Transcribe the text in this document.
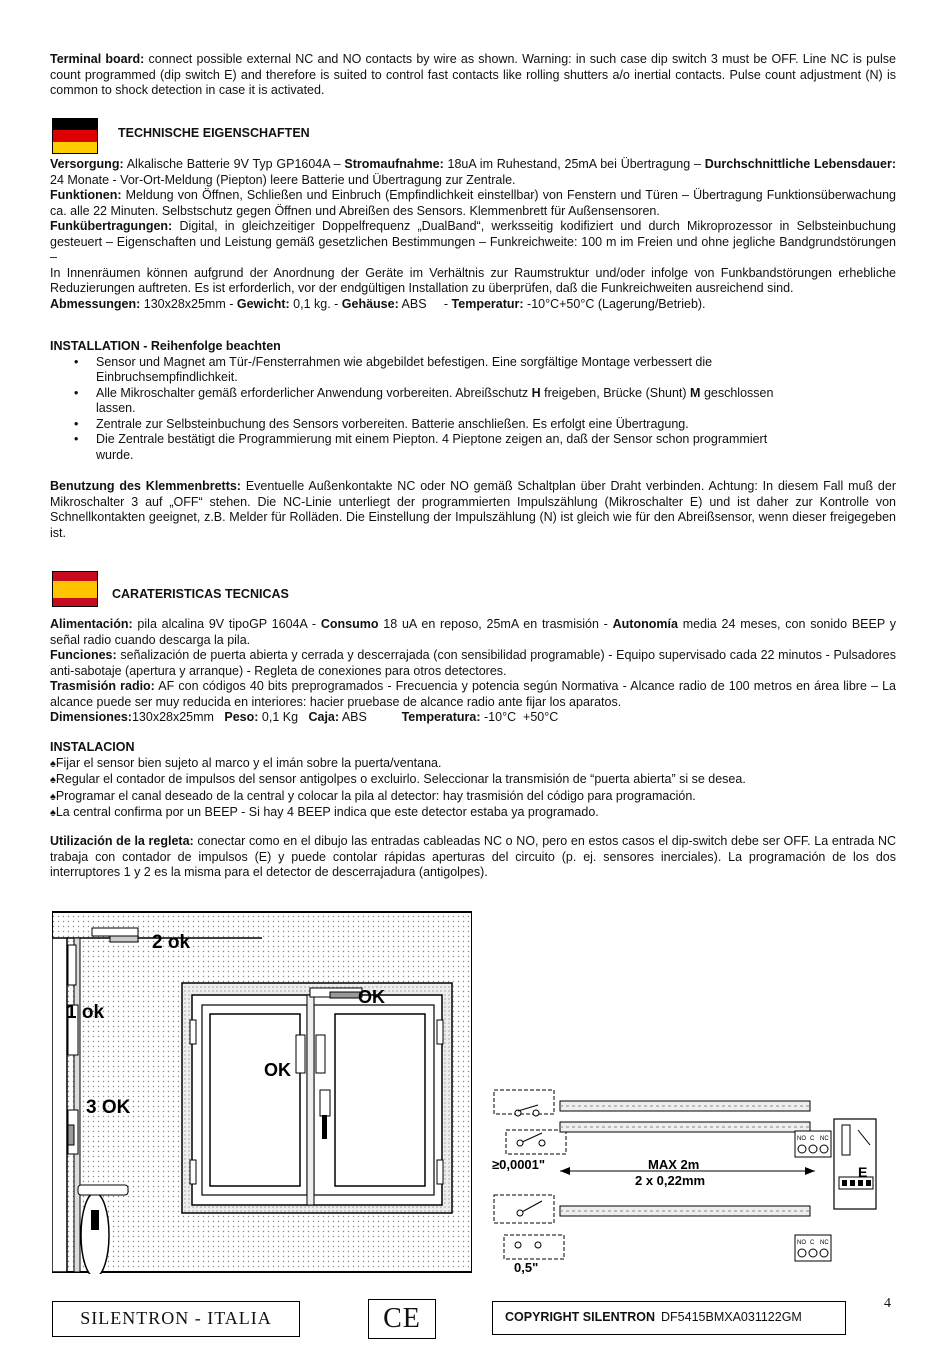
Terminal board: connect possible external NC and NO contacts by wire as shown. Warning: in such case dip switch 3 must be OFF. Line NC is pulse count programmed (dip switch E) and therefore is suited to control fast contacts like rolling shutters a/o inertial contacts. Pulse count adjustment (N) is common to shock detection in case it is activated.

TECHNISCHE EIGENSCHAFTEN

Versorgung: Alkalische Batterie 9V Typ GP1604A – Stromaufnahme: 18uA im Ruhestand, 25mA bei Übertragung – Durchschnittliche Lebensdauer: 24 Monate - Vor-Ort-Meldung (Piepton) leere Batterie und Übertragung zur Zentrale.

Funktionen: Meldung von Öffnen, Schließen und Einbruch (Empfindlichkeit einstellbar) von Fenstern und Türen – Übertragung Funktionsüberwachung ca. alle 22 Minuten. Selbstschutz gegen Öffnen und Abreißen des Sensors. Klemmenbrett für Außensensoren.

Funkübertragungen: Digital, in gleichzeitiger Doppelfrequenz „DualBand“, werksseitig kodifiziert und durch Mikroprozessor in Selbsteinbuchung gesteuert – Eigenschaften und Leistung gemäß gesetzlichen Bestimmungen – Funkreichweite: 100 m im Freien und ohne jegliche Bandgrundstörungen –

In Innenräumen können aufgrund der Anordnung der Geräte im Verhältnis zur Raumstruktur und/oder infolge von Funkbandstörungen erhebliche Reduzierungen auftreten. Es ist erforderlich, vor der endgültigen Installation zu überprüfen, daß die Funkreichweiten ausreichend sind.

Abmessungen: 130x28x25mm - Gewicht: 0,1 kg. - Gehäuse: ABS     - Temperatur: -10°C+50°C (Lagerung/Betrieb).

INSTALLATION - Reihenfolge beachten

• Sensor und Magnet am Tür-/Fensterrahmen wie abgebildet befestigen. Eine sorgfältige Montage verbessert die Einbruchsempfindlichkeit.
• Alle Mikroschalter gemäß erforderlicher Anwendung vorbereiten. Abreißschutz H freigeben, Brücke (Shunt) M geschlossen lassen.
• Zentrale zur Selbsteinbuchung des Sensors vorbereiten. Batterie anschließen. Es erfolgt eine Übertragung.
• Die Zentrale bestätigt die Programmierung mit einem Piepton. 4 Pieptone zeigen an, daß der Sensor schon programmiert wurde.

Benutzung des Klemmenbretts: Eventuelle Außenkontakte NC oder NO gemäß Schaltplan über Draht verbinden. Achtung: In diesem Fall muß der Mikroschalter 3 auf „OFF“ stehen. Die NC-Linie unterliegt der programmierten Impulszählung (Mikroschalter E) und ist daher zur Kontrolle von Schnellkontakten geeignet, z.B. Melder für Rolläden. Die Einstellung der Impulszählung (N) ist gleich wie für den Abreißsensor, wenn dieser freigegeben ist.

CARATERISTICAS TECNICAS

Alimentación: pila alcalina 9V tipoGP 1604A - Consumo 18 uA en reposo, 25mA en trasmisión - Autonomía media 24 meses, con sonido BEEP y señal radio cuando descarga la pila.

Funciones: señalización de puerta abierta y cerrada y descerrajada (con sensibilidad programable) - Equipo supervisado cada 22 minutos - Pulsadores anti-sabotaje (apertura y arranque) - Regleta de conexiones para otros detectores.

Trasmisión radio: AF con códigos 40 bits preprogramados - Frecuencia y potencia según Normativa - Alcance radio de 100 metros en área libre – La alcance puede ser muy reducida en interiores: hacier pruebase de alcance radio ante fijar los aparatos.

Dimensiones:130x28x25mm   Peso: 0,1 Kg   Caja: ABS          Temperatura: -10°C  +50°C

INSTALACION

♠Fijar el sensor bien sujeto al marco y el imán sobre la puerta/ventana.

♠Regular el contador de impulsos del sensor antigolpes o excluirlo. Seleccionar la transmisión de “puerta abierta” si se desea.

♠Programar el canal deseado de la central y colocar la pila al detector: hay trasmisión del código para programación.

♠La central confirma por un BEEP - Si hay 4 BEEP indica que este detector estaba ya programado.

Utilización de la regleta: conectar como en el dibujo las entradas cableadas NC o NO, pero en estos casos el dip-switch debe ser OFF. La entrada NC trabaja con contador de impulsos (E) y puede contolar rápidas aperturas del circuito (p. ej. sensores inerciales). La programación de los dos interruptores 1 y 2 es la misma para el detector de descerrajadura (antigolpes).

2 ok
1 ok
3 OK
OK
OK
NO C NC
NO C NC
E
≥0,0001"	MAX 2m
2 x 0,22mm
0,5"
4
SILENTRON - ITALIA	CE	COPYRIGHT SILENTRON DF5415BMXA031122GM
